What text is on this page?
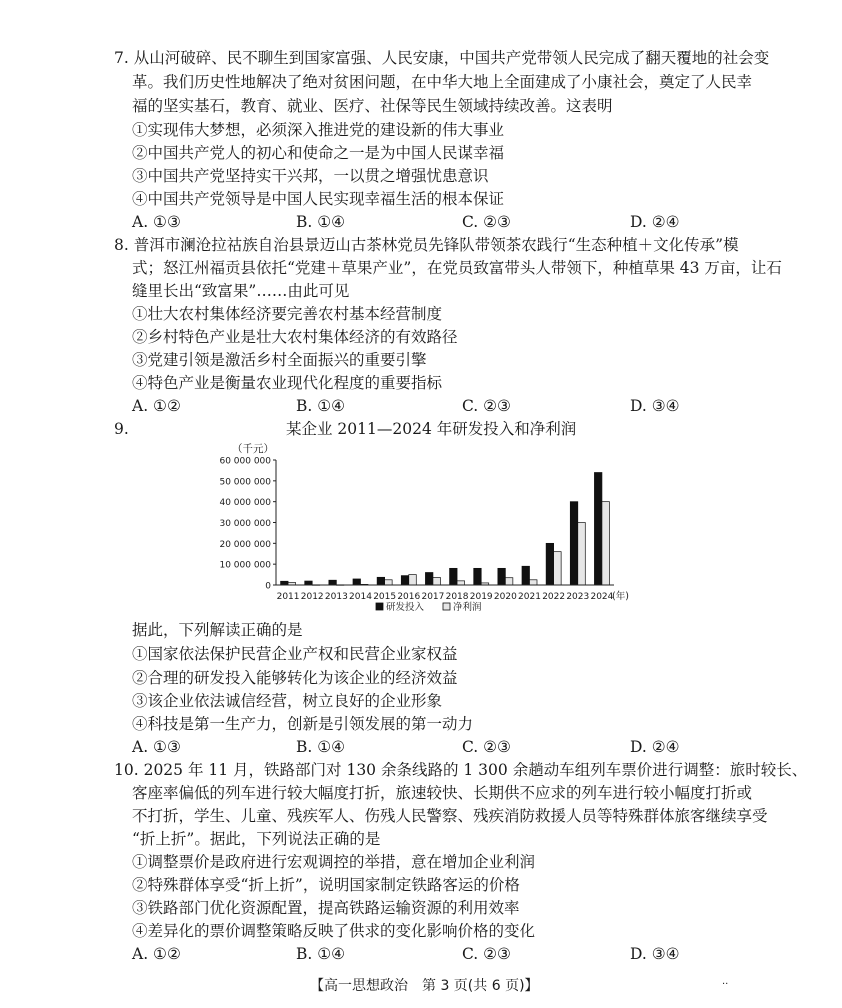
7. 从山河破碎、民不聊生到国家富强、人民安康，中国共产党带领人民完成了翻天覆地的社会变
革。我们历史性地解决了绝对贫困问题，在中华大地上全面建成了小康社会，奠定了人民幸
福的坚实基石，教育、就业、医疗、社保等民生领域持续改善。这表明
①实现伟大梦想，必须深入推进党的建设新的伟大事业
②中国共产党人的初心和使命之一是为中国人民谋幸福
③中国共产党坚持实干兴邦，一以贯之增强忧患意识
④中国共产党领导是中国人民实现幸福生活的根本保证
A. ①③	B. ①④	C. ②③	D. ②④
8. 普洱市澜沧拉祜族自治县景迈山古茶林党员先锋队带领茶农践行“生态种植＋文化传承”模
式；怒江州福贡县依托“党建＋草果产业”，在党员致富带头人带领下，种植草果 43 万亩，让石
缝里长出“致富果”……由此可见
①壮大农村集体经济要完善农村基本经营制度
②乡村特色产业是壮大农村集体经济的有效路径
③党建引领是激活乡村全面振兴的重要引擎
④特色产业是衡量农业现代化程度的重要指标
A. ①②	B. ①④	C. ②③	D. ③④
9.	某企业 2011—2024 年研发投入和净利润
（千元）
0
10 000 000
20 000 000
30 000 000
40 000 000
50 000 000
60 000 000
2011 2012 2013 2014 2015 2016 2017 2018 2019 2020 2021 2022 2023 2024
(年)
研发投入	净利润
据此，下列解读正确的是
①国家依法保护民营企业产权和民营企业家权益
②合理的研发投入能够转化为该企业的经济效益
③该企业依法诚信经营，树立良好的企业形象
④科技是第一生产力，创新是引领发展的第一动力
A. ①③	B. ①④	C. ②③	D. ②④
10. 2025 年 11 月，铁路部门对 130 余条线路的 1 300 余趟动车组列车票价进行调整：旅时较长、
客座率偏低的列车进行较大幅度打折，旅速较快、长期供不应求的列车进行较小幅度打折或
不打折，学生、儿童、残疾军人、伤残人民警察、残疾消防救援人员等特殊群体旅客继续享受
“折上折”。据此，下列说法正确的是
①调整票价是政府进行宏观调控的举措，意在增加企业利润
②特殊群体享受“折上折”，说明国家制定铁路客运的价格
③铁路部门优化资源配置，提高铁路运输资源的利用效率
④差异化的票价调整策略反映了供求的变化影响价格的变化
A. ①②	B. ①④	C. ②③	D. ③④
【高一思想政治　第 3 页(共 6 页)】	··
